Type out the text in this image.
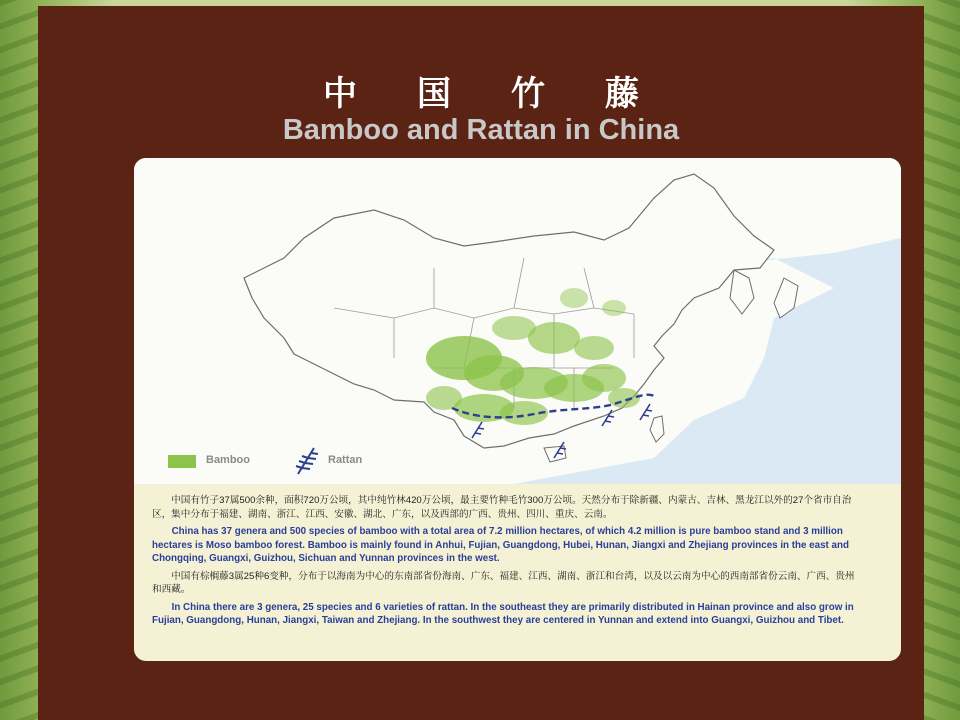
中国竹藤
Bamboo and Rattan in China
Bamboo	Rattan

中国有竹子37属500余种，面积720万公顷，其中纯竹林420万公顷，最主要竹种毛竹300万公顷。天然分布于除新疆、内蒙古、吉林、黑龙江以外的27个省市自治区，集中分布于福建、湖南、浙江、江西、安徽、湖北、广东，以及西部的广西、贵州、四川、重庆、云南。

China has 37 genera and 500 species of bamboo with a total area of 7.2 million hectares, of which 4.2 million is pure bamboo stand and 3 million hectares is Moso bamboo forest. Bamboo is mainly found in Anhui, Fujian, Guangdong, Hubei, Hunan, Jiangxi and Zhejiang provinces in the east and Chongqing, Guangxi, Guizhou, Sichuan and Yunnan provinces in the west.

中国有棕榈藤3属25种6变种，分布于以海南为中心的东南部省份海南、广东、福建、江西、湖南、浙江和台湾，以及以云南为中心的西南部省份云南、广西、贵州和西藏。

In China there are 3 genera, 25 species and 6 varieties of rattan. In the southeast they are primarily distributed in Hainan province and also grow in Fujian, Guangdong, Hunan, Jiangxi, Taiwan and Zhejiang. In the southwest they are centered in Yunnan and extend into Guangxi, Guizhou and Tibet.
